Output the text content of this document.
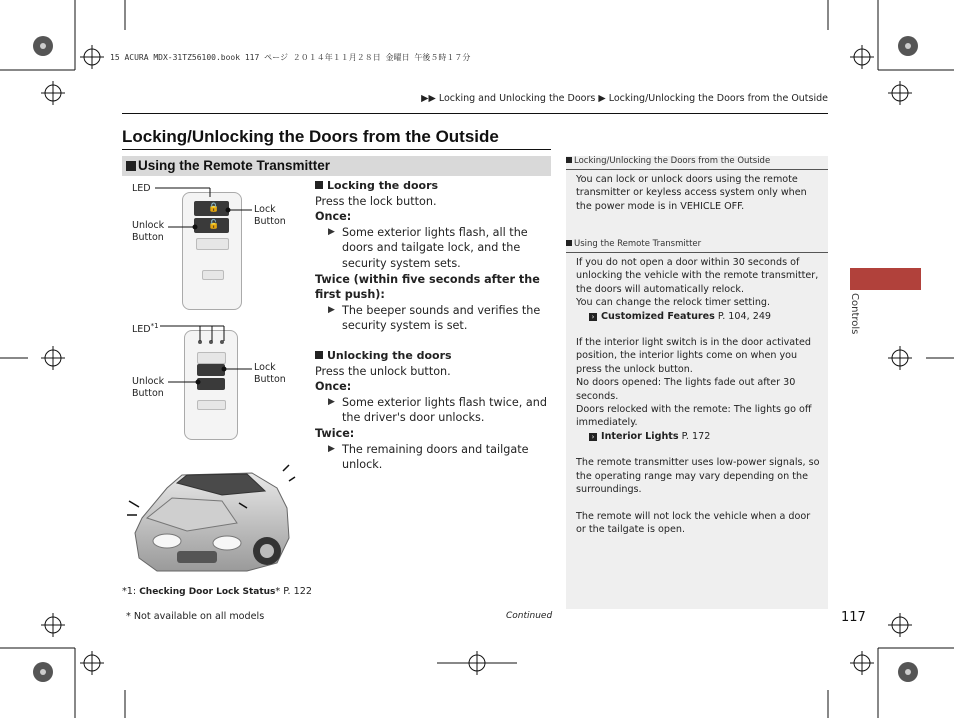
15 ACURA MDX-31TZ56100.book 117 ページ ２０１４年１１月２８日 金曜日 午後５時１７分
▶▶ Locking and Unlocking the Doors ▶ Locking/Unlocking the Doors from the Outside
Locking/Unlocking the Doors from the Outside
Using the Remote Transmitter
🔒
🔓
LED
Unlock
Button
Lock
Button
LED$^{*1}$
Unlock
Button
Lock
Button
Locking the doors
Press the lock button.
Once:
▶ Some exterior lights flash, all the doors and tailgate lock, and the security system sets.
Twice (within five seconds after the first push):
▶ The beeper sounds and verifies the security system is set.
Unlocking the doors
Press the unlock button.
Once:
▶ Some exterior lights flash twice, and the driver's door unlocks.
Twice:
▶ The remaining doors and tailgate unlock.
*1: Checking Door Lock Status* P. 122
* Not available on all models	Continued
Locking/Unlocking the Doors from the Outside
You can lock or unlock doors using the remote transmitter or keyless access system only when the power mode is in VEHICLE OFF.
Using the Remote Transmitter
If you do not open a door within 30 seconds of unlocking the vehicle with the remote transmitter, the doors will automatically relock.
You can change the relock timer setting.
› Customized Features P. 104, 249
If the interior light switch is in the door activated position, the interior lights come on when you press the unlock button.
No doors opened: The lights fade out after 30 seconds.
Doors relocked with the remote: The lights go off immediately.
› Interior Lights P. 172
The remote transmitter uses low-power signals, so the operating range may vary depending on the surroundings.
The remote will not lock the vehicle when a door or the tailgate is open.
Controls
117
